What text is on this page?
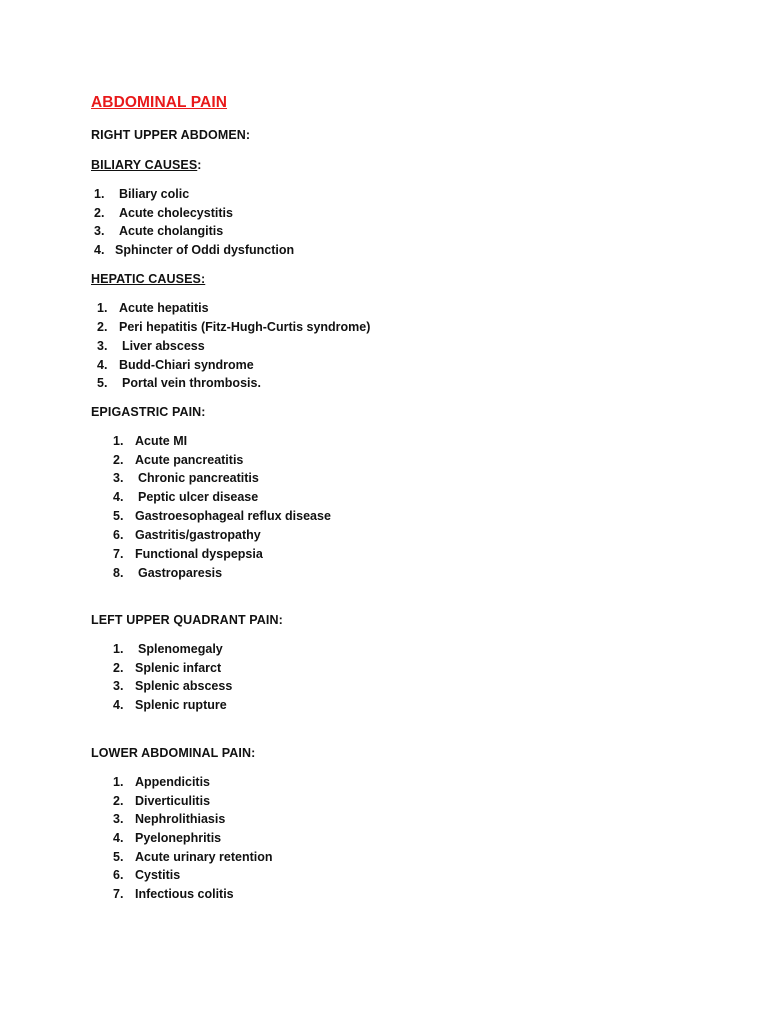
ABDOMINAL PAIN
RIGHT UPPER ABDOMEN:
BILIARY CAUSES:
1. Biliary colic
2. Acute cholecystitis
3. Acute cholangitis
4. Sphincter of Oddi dysfunction
HEPATIC CAUSES:
1. Acute hepatitis
2. Peri hepatitis (Fitz-Hugh-Curtis syndrome)
3. Liver abscess
4. Budd-Chiari syndrome
5. Portal vein thrombosis.
EPIGASTRIC PAIN:
1. Acute MI
2. Acute pancreatitis
3. Chronic pancreatitis
4. Peptic ulcer disease
5. Gastroesophageal reflux disease
6. Gastritis/gastropathy
7. Functional dyspepsia
8. Gastroparesis
LEFT UPPER QUADRANT PAIN:
1. Splenomegaly
2. Splenic infarct
3. Splenic abscess
4. Splenic rupture
LOWER ABDOMINAL PAIN:
1. Appendicitis
2. Diverticulitis
3. Nephrolithiasis
4. Pyelonephritis
5. Acute urinary retention
6. Cystitis
7. Infectious colitis
